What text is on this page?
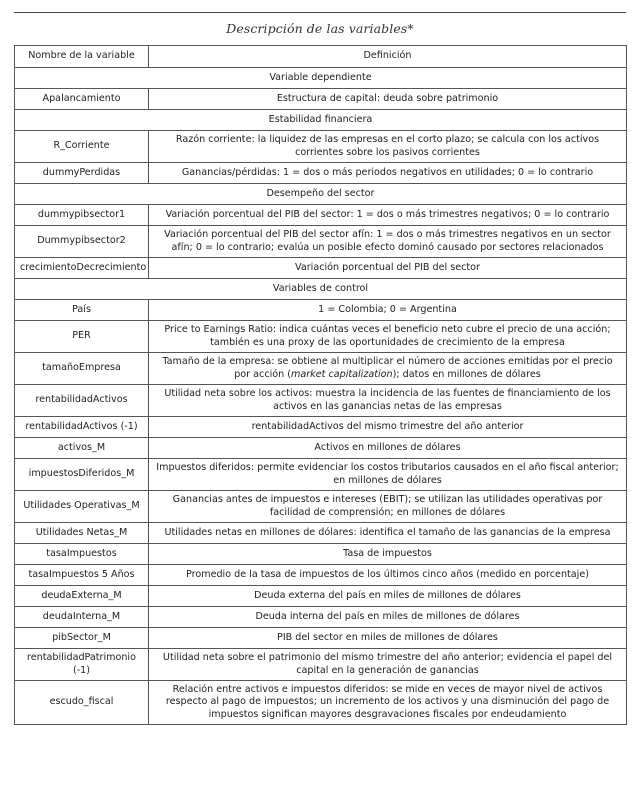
Descripción de las variables*
Nombre de la variable	Definición
Variable dependiente	
Apalancamiento	Estructura de capital: deuda sobre patrimonio
Estabilidad financiera	
R_Corriente	Razón corriente: la liquidez de las empresas en el corto plazo; se calcula con los activos corrientes sobre los pasivos corrientes
dummyPerdidas	Ganancias/pérdidas: 1 = dos o más periodos negativos en utilidades; 0 = lo contrario
Desempeño del sector	
dummypibsector1	Variación porcentual del PIB del sector: 1 = dos o más trimestres negativos; 0 = lo contrario
Dummypibsector2	Variación porcentual del PIB del sector afín: 1 = dos o más trimestres negativos en un sector afín; 0 = lo contrario; evalúa un posible efecto dominó causado por sectores relacionados
crecimientoDecrecimiento	Variación porcentual del PIB del sector
Variables de control	
País	1 = Colombia; 0 = Argentina
PER	Price to Earnings Ratio: indica cuántas veces el beneficio neto cubre el precio de una acción; también es una proxy de las oportunidades de crecimiento de la empresa
tamañoEmpresa	Tamaño de la empresa: se obtiene al multiplicar el número de acciones emitidas por el precio por acción (market capitalization); datos en millones de dólares
rentabilidadActivos	Utilidad neta sobre los activos: muestra la incidencia de las fuentes de financiamiento de los activos en las ganancias netas de las empresas
rentabilidadActivos (-1)	rentabilidadActivos del mismo trimestre del año anterior
activos_M	Activos en millones de dólares
impuestosDiferidos_M	Impuestos diferidos: permite evidenciar los costos tributarios causados en el año fiscal anterior; en millones de dólares
Utilidades Operativas_M	Ganancias antes de impuestos e intereses (EBIT); se utilizan las utilidades operativas por facilidad de comprensión; en millones de dólares
Utilidades Netas_M	Utilidades netas en millones de dólares: identifica el tamaño de las ganancias de la empresa
tasaImpuestos	Tasa de impuestos
tasaImpuestos 5 Años	Promedio de la tasa de impuestos de los últimos cinco años (medido en porcentaje)
deudaExterna_M	Deuda externa del país en miles de millones de dólares
deudaInterna_M	Deuda interna del país en miles de millones de dólares
pibSector_M	PIB del sector en miles de millones de dólares
rentabilidadPatrimonio (-1)	Utilidad neta sobre el patrimonio del mismo trimestre del año anterior; evidencia el papel del capital en la generación de ganancias
escudo_fiscal	Relación entre activos e impuestos diferidos: se mide en veces de mayor nivel de activos respecto al pago de impuestos; un incremento de los activos y una disminución del pago de impuestos significan mayores desgravaciones fiscales por endeudamiento
